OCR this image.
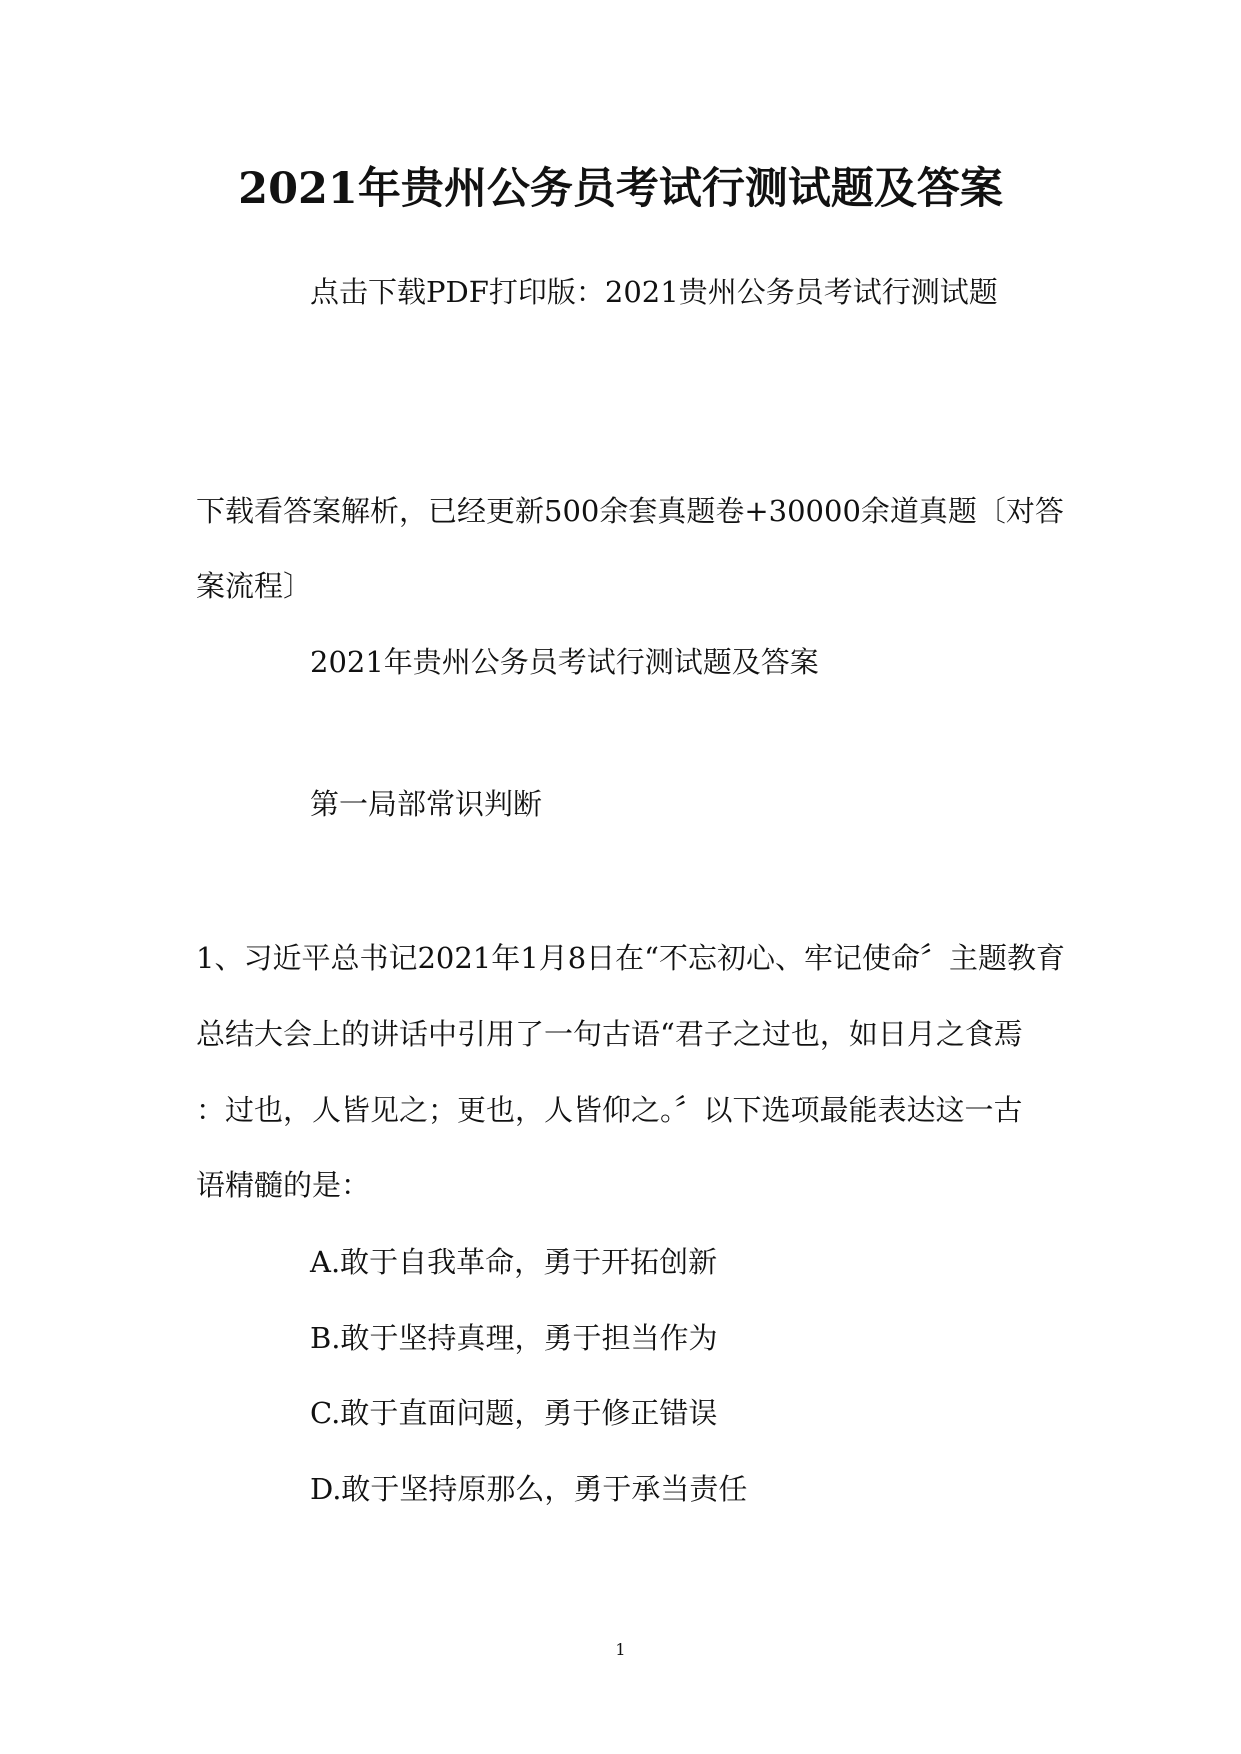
2021年贵州公务员考试行测试题及答案
点击下载PDF打印版：2021贵州公务员考试行测试题
下载看答案解析，已经更新500余套真题卷+30000余道真题〔对答
案流程〕
2021年贵州公务员考试行测试题及答案
第一局部常识判断
1、习近平总书记2021年1月8日在“不忘初心、牢记使命〞主题教育
总结大会上的讲话中引用了一句古语“君子之过也，如日月之食焉
：过也，人皆见之；更也，人皆仰之。〞以下选项最能表达这一古
语精髓的是：
A.敢于自我革命，勇于开拓创新
B.敢于坚持真理，勇于担当作为
C.敢于直面问题，勇于修正错误
D.敢于坚持原那么，勇于承当责任
1
